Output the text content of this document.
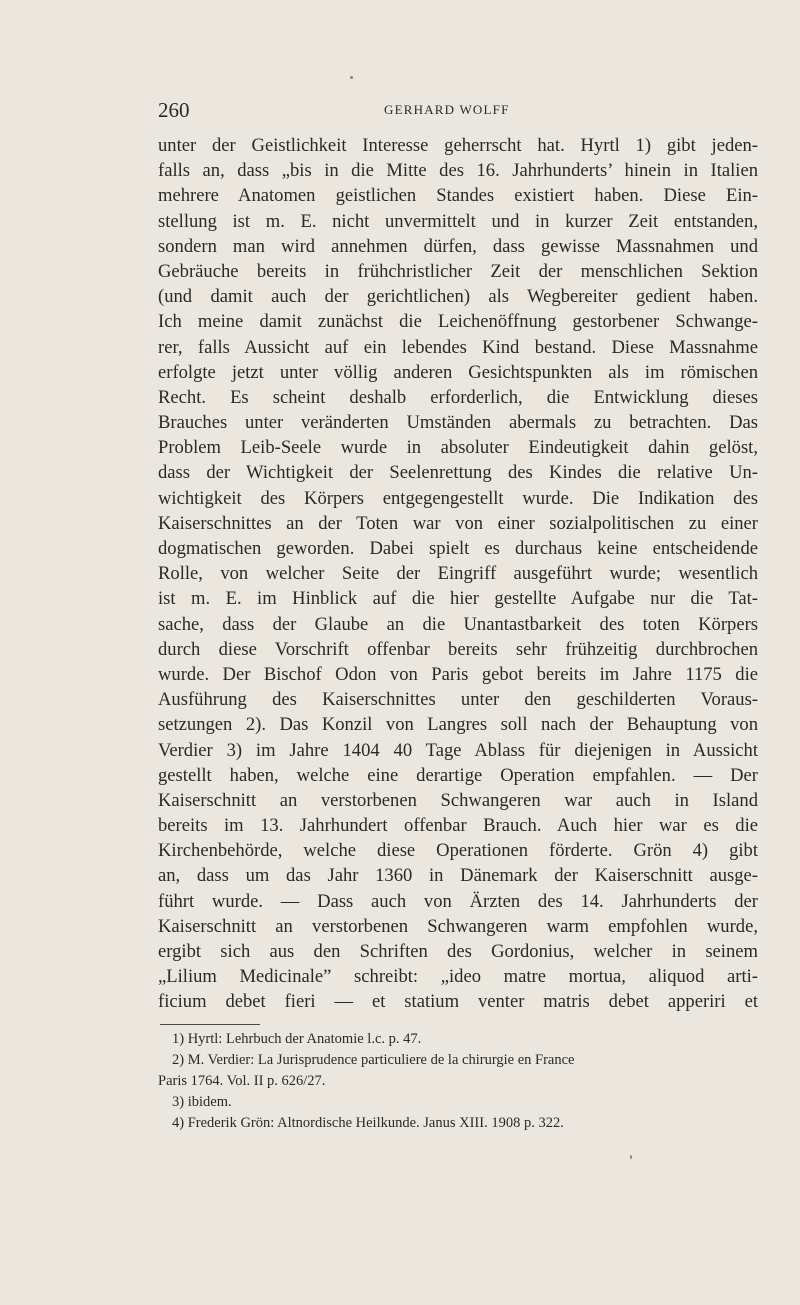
260	GERHARD WOLFF
unter der Geistlichkeit Interesse geherrscht hat. Hyrtl 1) gibt jeden-
falls an, dass „bis in die Mitte des 16. Jahrhunderts’ hinein in Italien
mehrere Anatomen geistlichen Standes existiert haben. Diese Ein-
stellung ist m. E. nicht unvermittelt und in kurzer Zeit entstanden,
sondern man wird annehmen dürfen, dass gewisse Massnahmen und
Gebräuche bereits in frühchristlicher Zeit der menschlichen Sektion
(und damit auch der gerichtlichen) als Wegbereiter gedient haben.
Ich meine damit zunächst die Leichenöffnung gestorbener Schwange-
rer, falls Aussicht auf ein lebendes Kind bestand. Diese Massnahme
erfolgte jetzt unter völlig anderen Gesichtspunkten als im römischen
Recht. Es scheint deshalb erforderlich, die Entwicklung dieses
Brauches unter veränderten Umständen abermals zu betrachten. Das
Problem Leib-Seele wurde in absoluter Eindeutigkeit dahin gelöst,
dass der Wichtigkeit der Seelenrettung des Kindes die relative Un-
wichtigkeit des Körpers entgegengestellt wurde. Die Indikation des
Kaiserschnittes an der Toten war von einer sozialpolitischen zu einer
dogmatischen geworden. Dabei spielt es durchaus keine entscheidende
Rolle, von welcher Seite der Eingriff ausgeführt wurde; wesentlich
ist m. E. im Hinblick auf die hier gestellte Aufgabe nur die Tat-
sache, dass der Glaube an die Unantastbarkeit des toten Körpers
durch diese Vorschrift offenbar bereits sehr frühzeitig durchbrochen
wurde. Der Bischof Odon von Paris gebot bereits im Jahre 1175 die
Ausführung des Kaiserschnittes unter den geschilderten Voraus-
setzungen 2). Das Konzil von Langres soll nach der Behauptung von
Verdier 3) im Jahre 1404 40 Tage Ablass für diejenigen in Aussicht
gestellt haben, welche eine derartige Operation empfahlen. — Der
Kaiserschnitt an verstorbenen Schwangeren war auch in Island
bereits im 13. Jahrhundert offenbar Brauch. Auch hier war es die
Kirchenbehörde, welche diese Operationen förderte. Grön 4) gibt
an, dass um das Jahr 1360 in Dänemark der Kaiserschnitt ausge-
führt wurde. — Dass auch von Ärzten des 14. Jahrhunderts der
Kaiserschnitt an verstorbenen Schwangeren warm empfohlen wurde,
ergibt sich aus den Schriften des Gordonius, welcher in seinem
„Lilium Medicinale” schreibt: „ideo matre mortua, aliquod arti-
ficium debet fieri — et statium venter matris debet apperiri et
1) Hyrtl: Lehrbuch der Anatomie l.c. p. 47.
2) M. Verdier: La Jurisprudence particuliere de la chirurgie en France
Paris 1764. Vol. II p. 626/27.
3) ibidem.
4) Frederik Grön: Altnordische Heilkunde. Janus XIII. 1908 p. 322.
